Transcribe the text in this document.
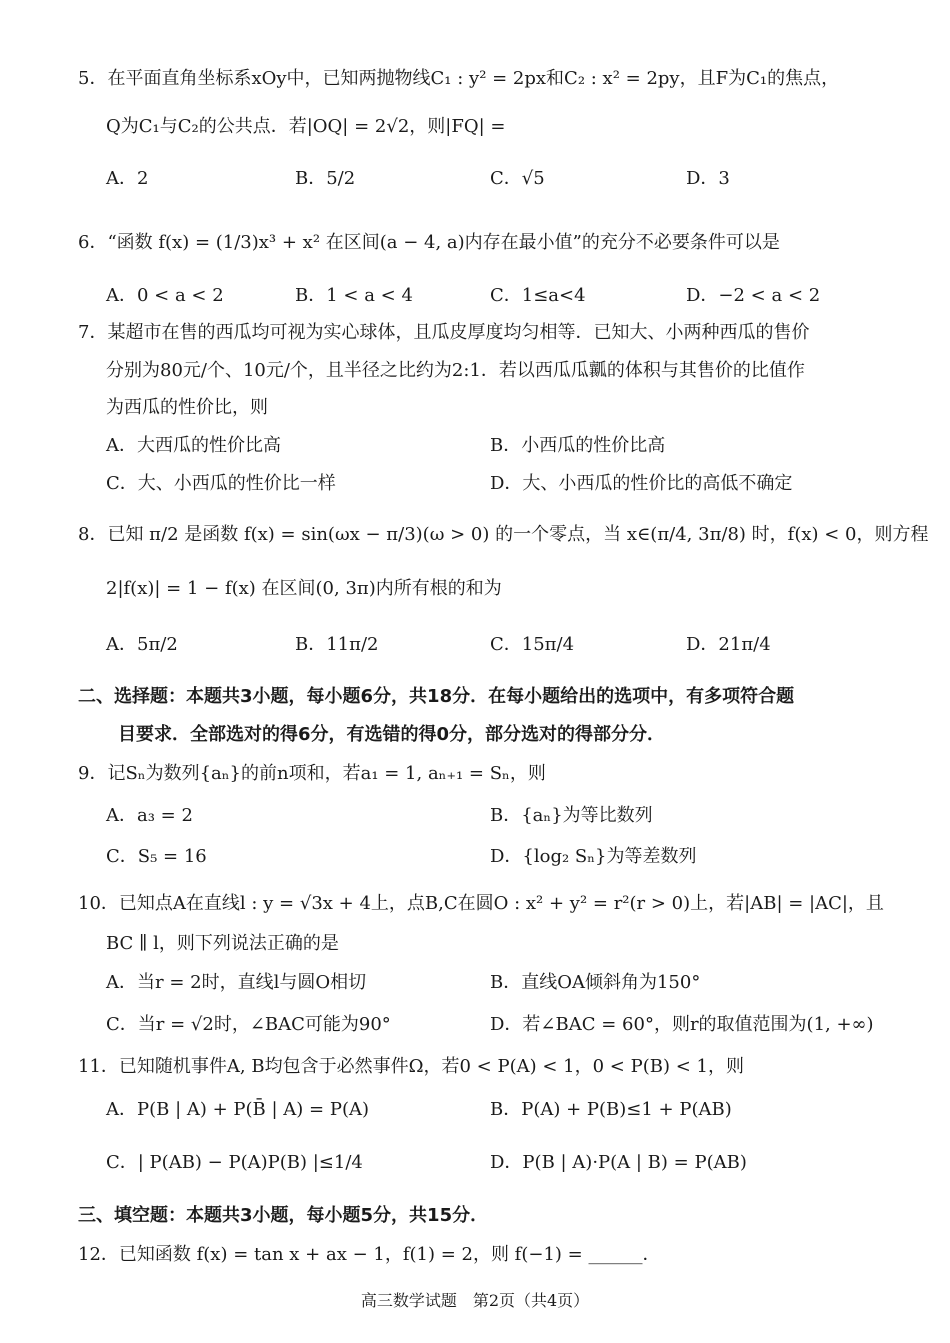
5．在平面直角坐标系xOy中，已知两抛物线C₁ : y² = 2px和C₂ : x² = 2py，且F为C₁的焦点，
Q为C₁与C₂的公共点．若|OQ| = 2√2，则|FQ| =
A．2	B．5/2	C．√5	D．3
6．“函数 f(x) = (1/3)x³ + x² 在区间(a − 4, a)内存在最小值”的充分不必要条件可以是
A．0 < a < 2	B．1 < a < 4	C．1≤a<4	D．−2 < a < 2
7．某超市在售的西瓜均可视为实心球体，且瓜皮厚度均匀相等．已知大、小两种西瓜的售价
分别为80元/个、10元/个，且半径之比约为2:1．若以西瓜瓜瓤的体积与其售价的比值作
为西瓜的性价比，则
A．大西瓜的性价比高	B．小西瓜的性价比高
C．大、小西瓜的性价比一样	D．大、小西瓜的性价比的高低不确定
8．已知 π/2 是函数 f(x) = sin(ωx − π/3)(ω > 0) 的一个零点，当 x∈(π/4, 3π/8) 时，f(x) < 0，则方程
2|f(x)| = 1 − f(x) 在区间(0, 3π)内所有根的和为
A．5π/2	B．11π/2	C．15π/4	D．21π/4
二、选择题：本题共3小题，每小题6分，共18分．在每小题给出的选项中，有多项符合题
目要求．全部选对的得6分，有选错的得0分，部分选对的得部分分．
9．记Sₙ为数列{aₙ}的前n项和，若a₁ = 1, aₙ₊₁ = Sₙ，则
A．a₃ = 2	B．{aₙ}为等比数列
C．S₅ = 16	D．{log₂ Sₙ}为等差数列
10．已知点A在直线l : y = √3x + 4上，点B,C在圆O : x² + y² = r²(r > 0)上，若|AB| = |AC|，且
BC ∥ l，则下列说法正确的是
A．当r = 2时，直线l与圆O相切	B．直线OA倾斜角为150°
C．当r = √2时，∠BAC可能为90°	D．若∠BAC = 60°，则r的取值范围为(1, +∞)
11．已知随机事件A, B均包含于必然事件Ω，若0 < P(A) < 1，0 < P(B) < 1，则
A．P(B | A) + P(B̄ | A) = P(A)	B．P(A) + P(B)≤1 + P(AB)
C．| P(AB) − P(A)P(B) |≤1/4	D．P(B | A)·P(A | B) = P(AB)
三、填空题：本题共3小题，每小题5分，共15分．
12．已知函数 f(x) = tan x + ax − 1，f(1) = 2，则 f(−1) = ______．
高三数学试题　第2页（共4页）
